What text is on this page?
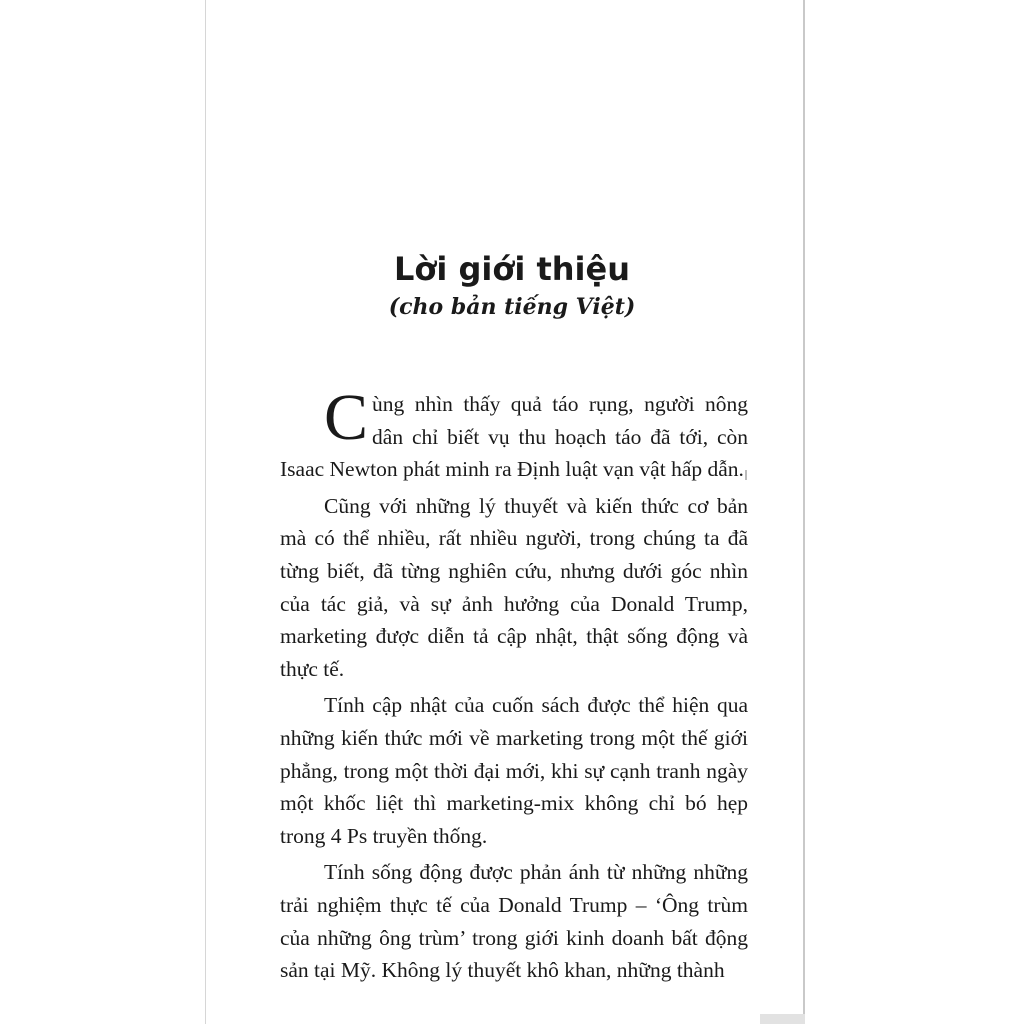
Lời giới thiệu
(cho bản tiếng Việt)

Cùng nhìn thấy quả táo rụng, người nông dân chỉ biết vụ thu hoạch táo đã tới, còn Isaac Newton phát minh ra Định luật vạn vật hấp dẫn.

Cũng với những lý thuyết và kiến thức cơ bản mà có thể nhiều, rất nhiều người, trong chúng ta đã từng biết, đã từng nghiên cứu, nhưng dưới góc nhìn của tác giả, và sự ảnh hưởng của Donald Trump, marketing được diễn tả cập nhật, thật sống động và thực tế.

Tính cập nhật của cuốn sách được thể hiện qua những kiến thức mới về marketing trong một thế giới phẳng, trong một thời đại mới, khi sự cạnh tranh ngày một khốc liệt thì marketing-mix không chỉ bó hẹp trong 4 Ps truyền thống.

Tính sống động được phản ánh từ những những trải nghiệm thực tế của Donald Trump – ‘Ông trùm của những ông trùm’ trong giới kinh doanh bất động sản tại Mỹ. Không lý thuyết khô khan, những thành
